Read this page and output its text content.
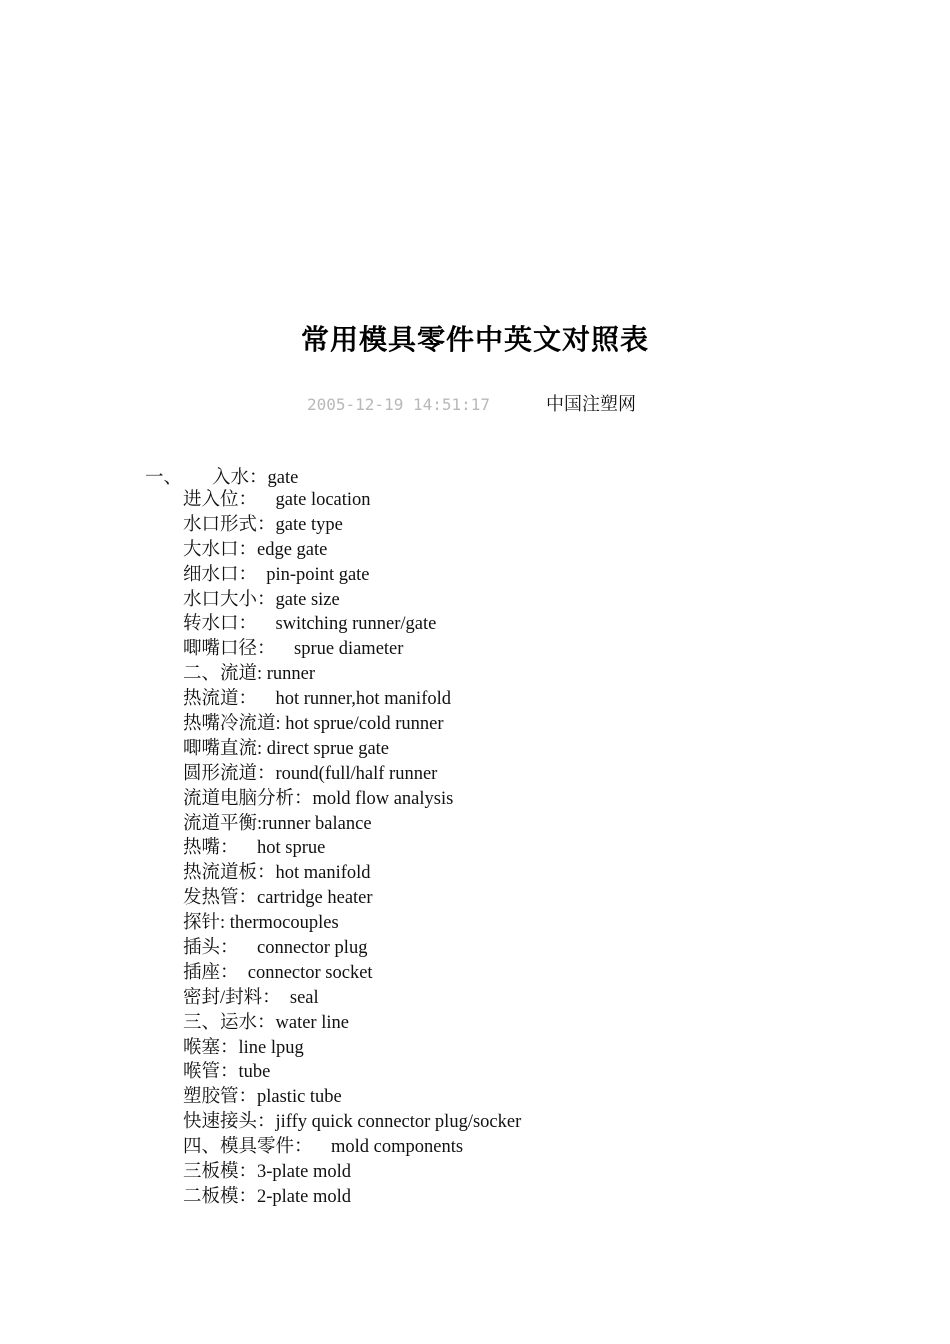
常用模具零件中英文对照表
2005-12-19 14:51:17	中国注塑网
一、 入水：gate
进入位：    gate location
水口形式：gate type
大水口：edge gate
细水口：  pin-point gate
水口大小：gate size
转水口：    switching runner/gate
唧嘴口径：    sprue diameter
二、流道: runner
热流道：    hot runner,hot manifold
热嘴冷流道: hot sprue/cold runner
唧嘴直流: direct sprue gate
圆形流道：round(full/half runner
流道电脑分析：mold flow analysis
流道平衡:runner balance
热嘴：    hot sprue
热流道板：hot manifold
发热管：cartridge heater
探针: thermocouples
插头：    connector plug
插座：  connector socket
密封/封料：  seal
三、运水：water line
喉塞：line lpug
喉管：tube
塑胶管：plastic tube
快速接头：jiffy quick connector plug/socker
四、模具零件：    mold components
三板模：3-plate mold
二板模：2-plate mold
